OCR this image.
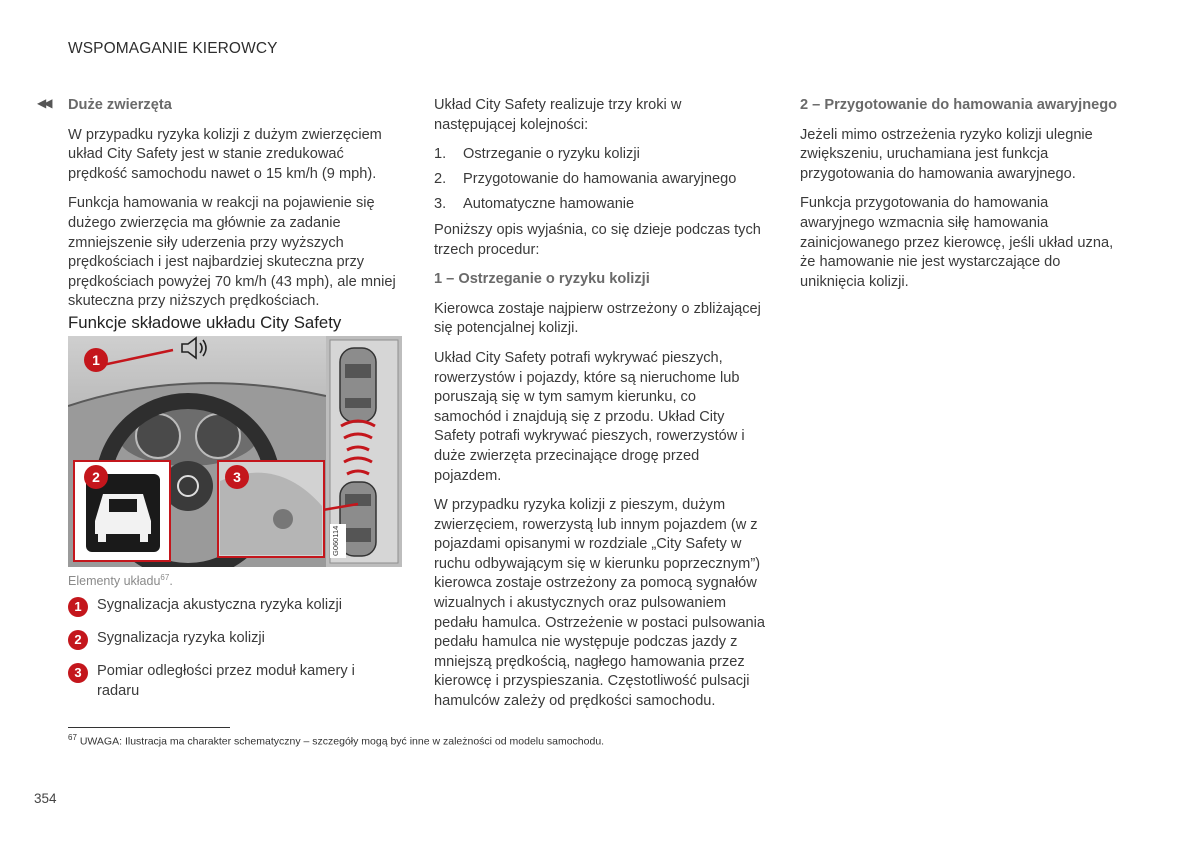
WSPOMAGANIE KIEROWCY
◀◀ Duże zwierzęta

W przypadku ryzyka kolizji z dużym zwierzęciem układ City Safety jest w stanie zredukować prędkość samochodu nawet o 15 km/h (9 mph).

Funkcja hamowania w reakcji na pojawienie się dużego zwierzęcia ma głównie za zadanie zmniejszenie siły uderzenia przy wyższych prędkościach i jest najbardziej skuteczna przy prędkościach powyżej 70 km/h (43 mph), ale mniej skuteczna przy niższych prędkościach.

Funkcje składowe układu City Safety
G060114
1
2	3
Elementy układu$^{67}$.
1	Sygnalizacja akustyczna ryzyka kolizji
2	Sygnalizacja ryzyka kolizji
3	Pomiar odległości przez moduł kamery i radaru

Układ City Safety realizuje trzy kroki w następującej kolejności:

1.	Ostrzeganie o ryzyku kolizji
2.	Przygotowanie do hamowania awaryjnego
3.	Automatyczne hamowanie

Poniższy opis wyjaśnia, co się dzieje podczas tych trzech procedur:

1 – Ostrzeganie o ryzyku kolizji

Kierowca zostaje najpierw ostrzeżony o zbliżającej się potencjalnej kolizji.

Układ City Safety potrafi wykrywać pieszych, rowerzystów i pojazdy, które są nieruchome lub poruszają się w tym samym kierunku, co samochód i znajdują się z przodu. Układ City Safety potrafi wykrywać pieszych, rowerzystów i duże zwierzęta przecinające drogę przed pojazdem.

W przypadku ryzyka kolizji z pieszym, dużym zwierzęciem, rowerzystą lub innym pojazdem (w z pojazdami opisanymi w rozdziale „City Safety w ruchu odbywającym się w kierunku poprzecznym”) kierowca zostaje ostrzeżony za pomocą sygnałów wizualnych i akustycznych oraz pulsowaniem pedału hamulca. Ostrzeżenie w postaci pulsowania pedału hamulca nie występuje podczas jazdy z mniejszą prędkością, nagłego hamowania przez kierowcę i przyspieszania. Częstotliwość pulsacji hamulców zależy od prędkości samochodu.

2 – Przygotowanie do hamowania awaryjnego

Jeżeli mimo ostrzeżenia ryzyko kolizji ulegnie zwiększeniu, uruchamiana jest funkcja przygotowania do hamowania awaryjnego.

Funkcja przygotowania do hamowania awaryjnego wzmacnia siłę hamowania zainicjowanego przez kierowcę, jeśli układ uzna, że hamowanie nie jest wystarczające do uniknięcia kolizji.

$^{67}$ UWAGA: Ilustracja ma charakter schematyczny – szczegóły mogą być inne w zależności od modelu samochodu.
354
